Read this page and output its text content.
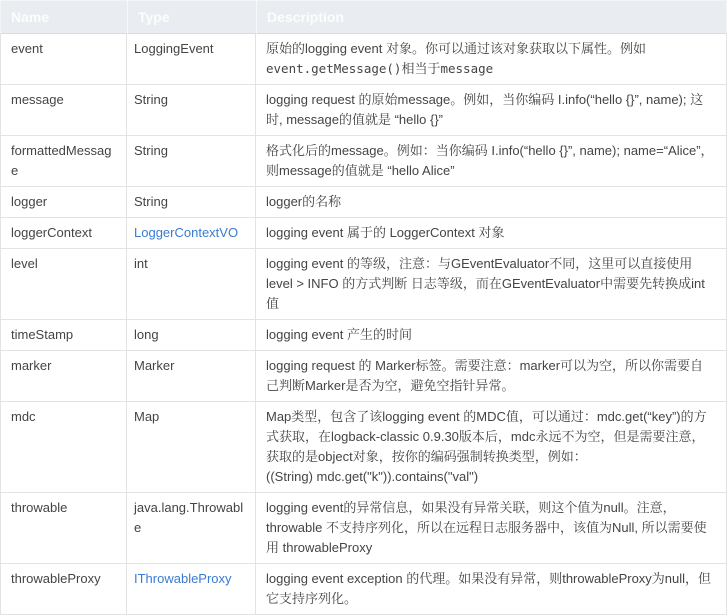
Name	Type	Description
event	LoggingEvent	原始的logging event 对象。你可以通过该对象获取以下属性。例如 event.getMessage()相当于message
message	String	logging request 的原始message。例如，当你编码 I.info(“hello {}”, name); 这时, message的值就是 “hello {}”
formattedMessage	String	格式化后的message。例如：当你编码 I.info(“hello {}”, name); name=“Alice”，则message的值就是 “hello Alice”
logger	String	logger的名称
loggerContext	LoggerContextVO	logging event 属于的 LoggerContext 对象
level	int	logging event 的等级，注意：与GEventEvaluator不同，这里可以直接使用 level > INFO 的方式判断 日志等级，而在GEventEvaluator中需要先转换成int值
timeStamp	long	logging event 产生的时间
marker	Marker	logging request 的 Marker标签。需要注意：marker可以为空，所以你需要自己判断Marker是否为空，避免空指针异常。
mdc	Map	Map类型，包含了该logging event 的MDC值，可以通过：mdc.get(“key”)的方式获取，在logback-classic 0.9.30版本后，mdc永远不为空，但是需要注意，获取的是object对象，按你的编码强制转换类型，例如：((String) mdc.get("k")).contains("val")
throwable	java.lang.Throwable	logging event的异常信息，如果没有异常关联，则这个值为null。注意，throwable 不支持序列化，所以在远程日志服务器中，该值为Null, 所以需要使用 throwableProxy
throwableProxy	IThrowableProxy	logging event exception 的代理。如果没有异常，则throwableProxy为null，但它支持序列化。
